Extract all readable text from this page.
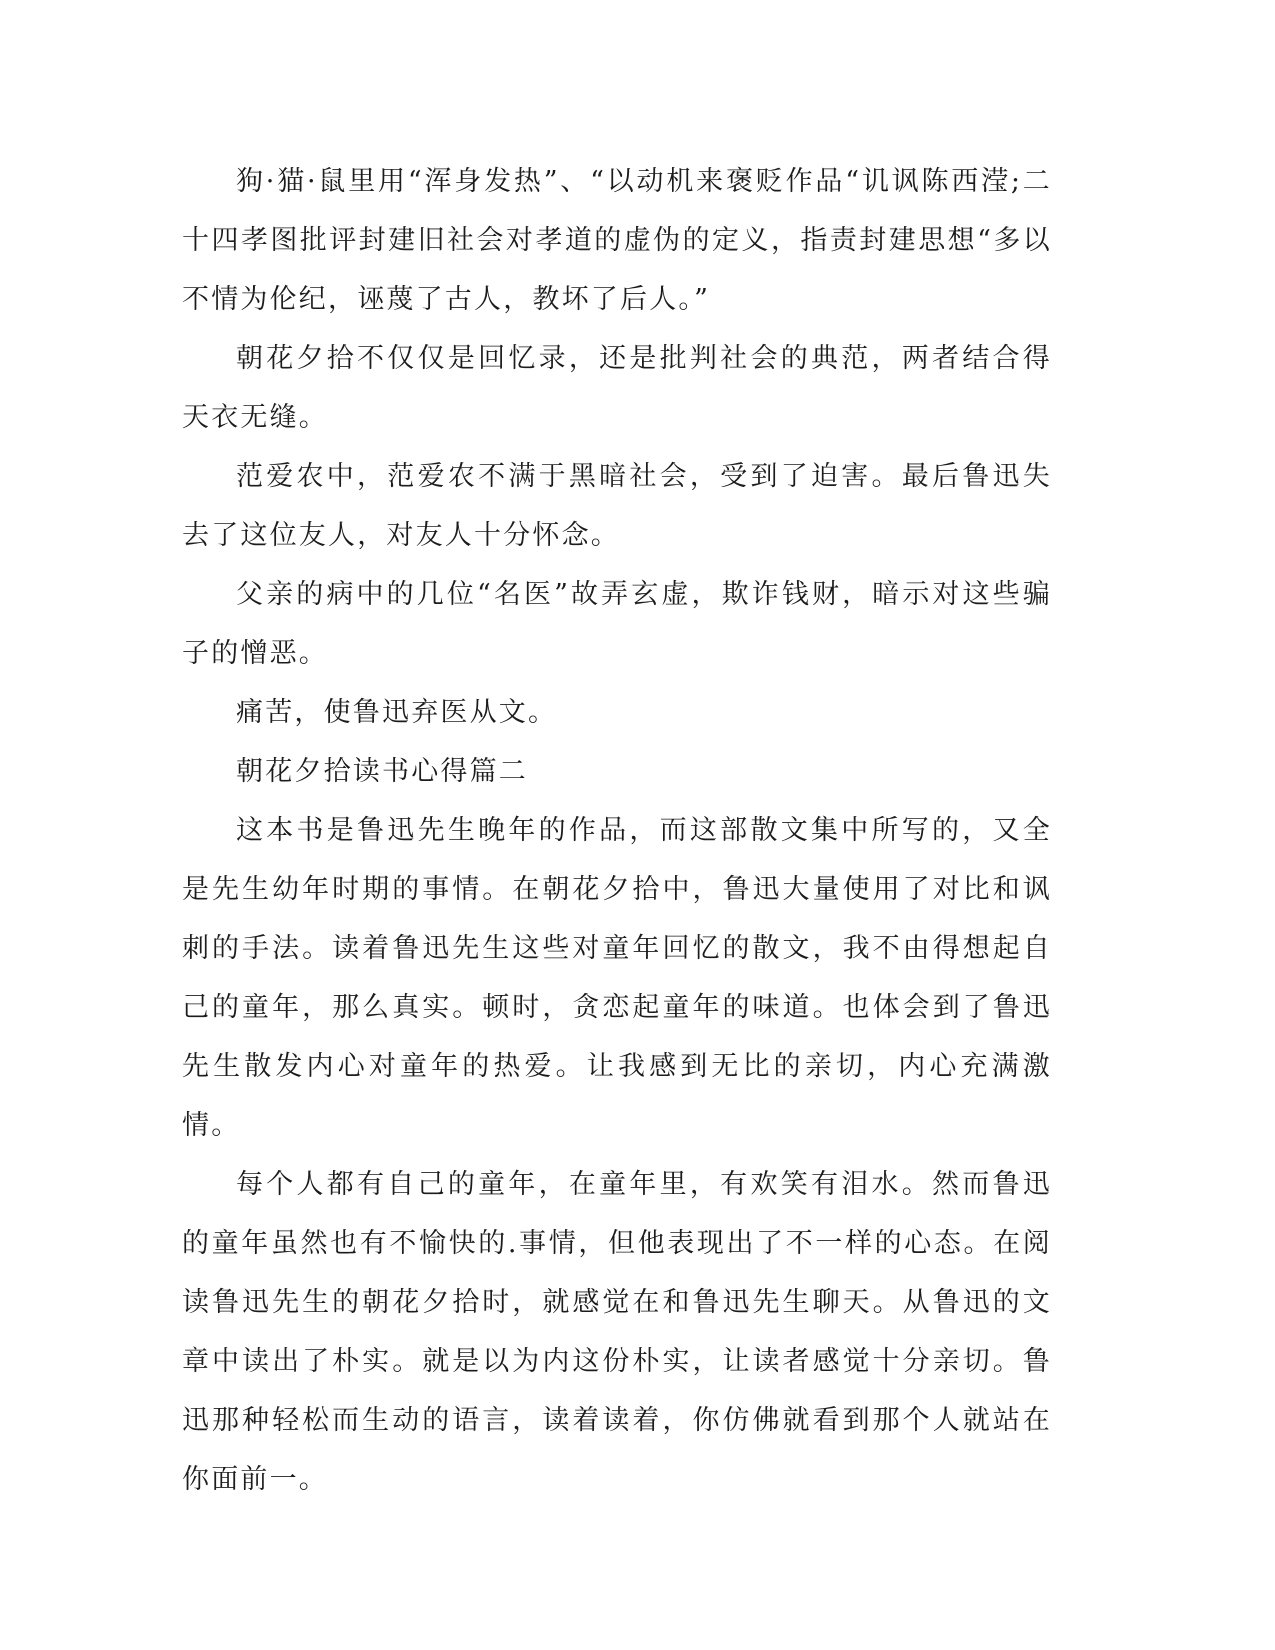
狗·猫·鼠里用“浑身发热”、“以动机来褒贬作品“讥讽陈西滢;二十四孝图批评封建旧社会对孝道的虚伪的定义，指责封建思想“多以不情为伦纪，诬蔑了古人，教坏了后人。”

朝花夕拾不仅仅是回忆录，还是批判社会的典范，两者结合得天衣无缝。

范爱农中，范爱农不满于黑暗社会，受到了迫害。最后鲁迅失去了这位友人，对友人十分怀念。

父亲的病中的几位“名医”故弄玄虚，欺诈钱财，暗示对这些骗子的憎恶。

痛苦，使鲁迅弃医从文。

朝花夕拾读书心得篇二

这本书是鲁迅先生晚年的作品，而这部散文集中所写的，又全是先生幼年时期的事情。在朝花夕拾中，鲁迅大量使用了对比和讽刺的手法。读着鲁迅先生这些对童年回忆的散文，我不由得想起自己的童年，那么真实。顿时，贪恋起童年的味道。也体会到了鲁迅先生散发内心对童年的热爱。让我感到无比的亲切，内心充满激情。

每个人都有自己的童年，在童年里，有欢笑有泪水。然而鲁迅的童年虽然也有不愉快的.事情，但他表现出了不一样的心态。在阅读鲁迅先生的朝花夕拾时，就感觉在和鲁迅先生聊天。从鲁迅的文章中读出了朴实。就是以为内这份朴实，让读者感觉十分亲切。鲁迅那种轻松而生动的语言，读着读着，你仿佛就看到那个人就站在你面前一。
